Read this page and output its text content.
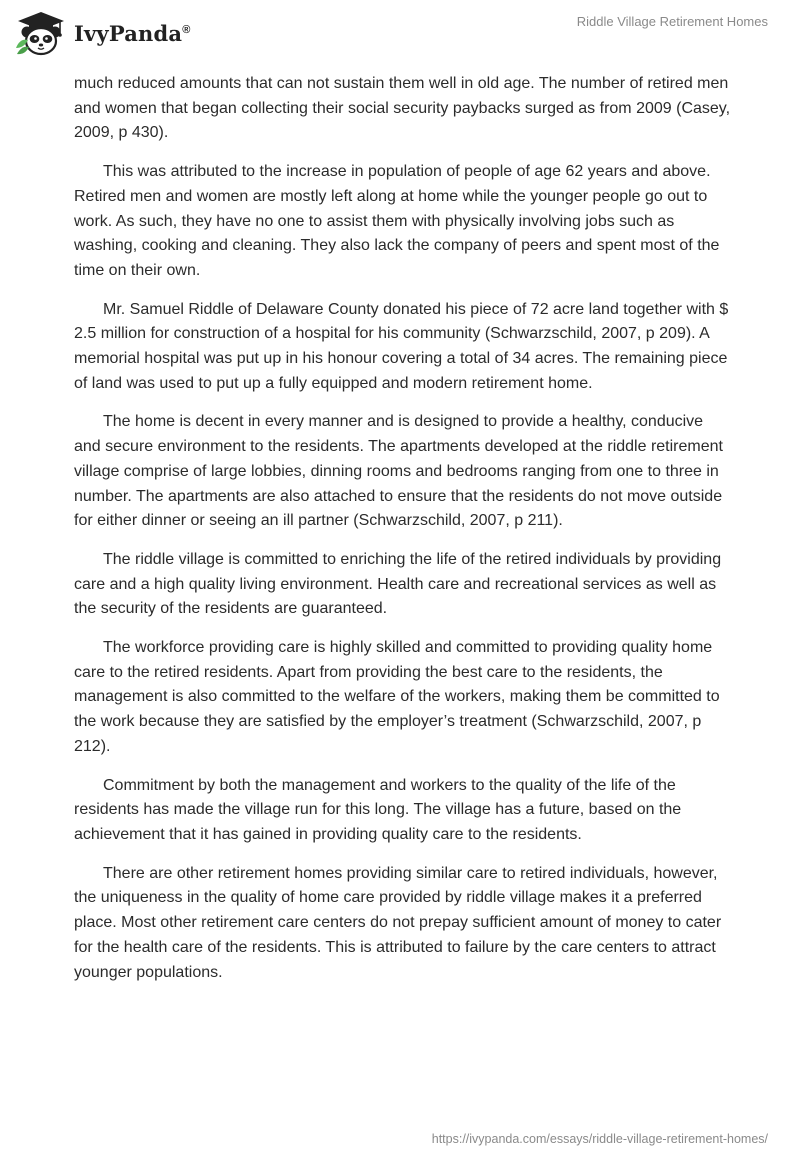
IvyPanda®
Riddle Village Retirement Homes

much reduced amounts that can not sustain them well in old age. The number of retired men and women that began collecting their social security paybacks surged as from 2009 (Casey, 2009, p 430).

This was attributed to the increase in population of people of age 62 years and above. Retired men and women are mostly left along at home while the younger people go out to work. As such, they have no one to assist them with physically involving jobs such as washing, cooking and cleaning. They also lack the company of peers and spent most of the time on their own.

Mr. Samuel Riddle of Delaware County donated his piece of 72 acre land together with $ 2.5 million for construction of a hospital for his community (Schwarzschild, 2007, p 209). A memorial hospital was put up in his honour covering a total of 34 acres. The remaining piece of land was used to put up a fully equipped and modern retirement home.

The home is decent in every manner and is designed to provide a healthy, conducive and secure environment to the residents. The apartments developed at the riddle retirement village comprise of large lobbies, dinning rooms and bedrooms ranging from one to three in number. The apartments are also attached to ensure that the residents do not move outside for either dinner or seeing an ill partner (Schwarzschild, 2007, p 211).

The riddle village is committed to enriching the life of the retired individuals by providing care and a high quality living environment. Health care and recreational services as well as the security of the residents are guaranteed.

The workforce providing care is highly skilled and committed to providing quality home care to the retired residents. Apart from providing the best care to the residents, the management is also committed to the welfare of the workers, making them be committed to the work because they are satisfied by the employer’s treatment (Schwarzschild, 2007, p 212).

Commitment by both the management and workers to the quality of the life of the residents has made the village run for this long. The village has a future, based on the achievement that it has gained in providing quality care to the residents.

There are other retirement homes providing similar care to retired individuals, however, the uniqueness in the quality of home care provided by riddle village makes it a preferred place. Most other retirement care centers do not prepay sufficient amount of money to cater for the health care of the residents. This is attributed to failure by the care centers to attract younger populations.

https://ivypanda.com/essays/riddle-village-retirement-homes/
